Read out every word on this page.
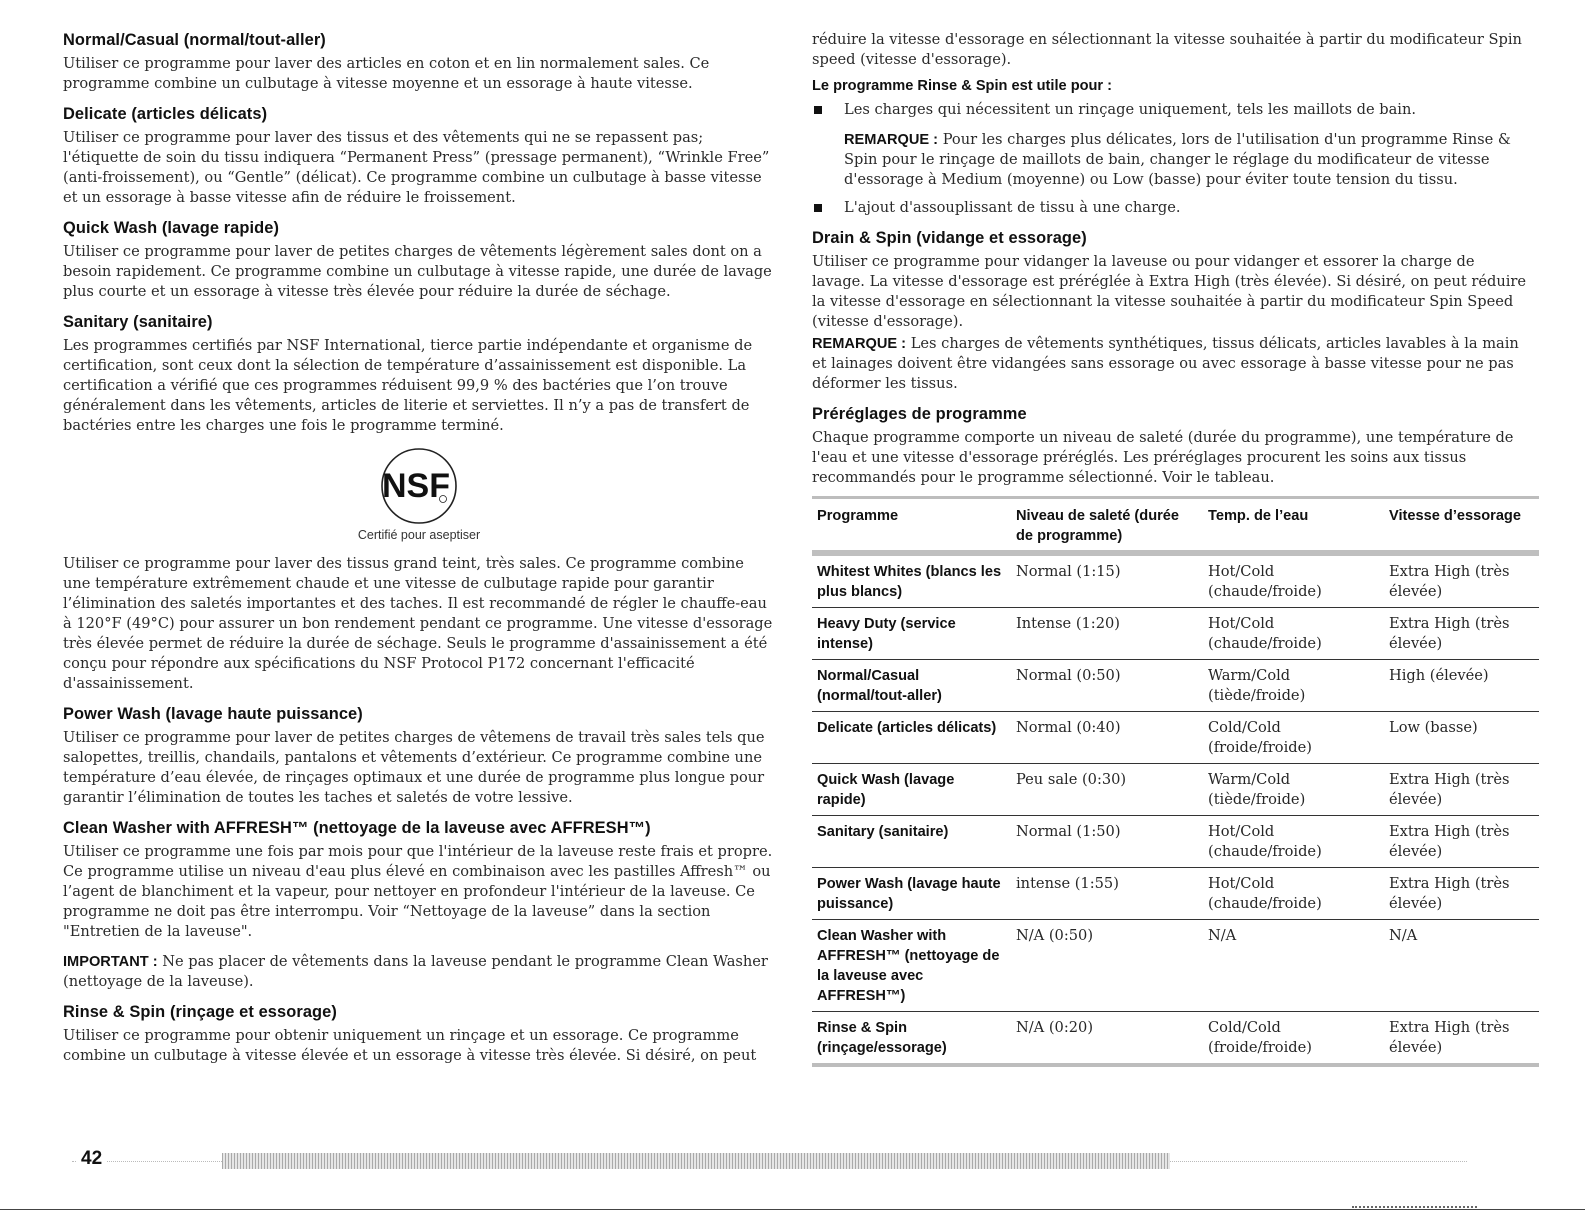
Normal/Casual (normal/tout-aller)

Utiliser ce programme pour laver des articles en coton et en lin normalement sales. Ce programme combine un culbutage à vitesse moyenne et un essorage à haute vitesse.

Delicate (articles délicats)

Utiliser ce programme pour laver des tissus et des vêtements qui ne se repassent pas; l'étiquette de soin du tissu indiquera “Permanent Press” (pressage permanent), “Wrinkle Free” (anti-froissement), ou “Gentle” (délicat). Ce programme combine un culbutage à basse vitesse et un essorage à basse vitesse afin de réduire le froissement.

Quick Wash (lavage rapide)

Utiliser ce programme pour laver de petites charges de vêtements légèrement sales dont on a besoin rapidement. Ce programme combine un culbutage à vitesse rapide, une durée de lavage plus courte et un essorage à vitesse très élevée pour réduire la durée de séchage.

Sanitary (sanitaire)

Les programmes certifiés par NSF International, tierce partie indépendante et organisme de certification, sont ceux dont la sélection de température d’assainissement est disponible. La certification a vérifié que ces programmes réduisent 99,9 % des bactéries que l’on trouve généralement dans les vêtements, articles de literie et serviettes. Il n’y a pas de transfert de bactéries entre les charges une fois le programme terminé.

NSF
Certifié pour aseptiser

Utiliser ce programme pour laver des tissus grand teint, très sales. Ce programme combine une température extrêmement chaude et une vitesse de culbutage rapide pour garantir l’élimination des saletés importantes et des taches. Il est recommandé de régler le chauffe-eau à 120°F (49°C) pour assurer un bon rendement pendant ce programme. Une vitesse d'essorage très élevée permet de réduire la durée de séchage. Seuls le programme d'assainissement a été conçu pour répondre aux spécifications du NSF Protocol P172 concernant l'efficacité d'assainissement.

Power Wash (lavage haute puissance)

Utiliser ce programme pour laver de petites charges de vêtemens de travail très sales tels que salopettes, treillis, chandails, pantalons et vêtements d’extérieur. Ce programme combine une température d’eau élevée, de rinçages optimaux et une durée de programme plus longue pour garantir l’élimination de toutes les taches et saletés de votre lessive.

Clean Washer with AFFRESH™ (nettoyage de la laveuse avec AFFRESH™)

Utiliser ce programme une fois par mois pour que l'intérieur de la laveuse reste frais et propre. Ce programme utilise un niveau d'eau plus élevé en combinaison avec les pastilles Affresh™ ou l’agent de blanchiment et la vapeur, pour nettoyer en profondeur l'intérieur de la laveuse. Ce programme ne doit pas être interrompu. Voir “Nettoyage de la laveuse” dans la section "Entretien de la laveuse".

IMPORTANT : Ne pas placer de vêtements dans la laveuse pendant le programme Clean Washer (nettoyage de la laveuse).

Rinse & Spin (rinçage et essorage)

Utiliser ce programme pour obtenir uniquement un rinçage et un essorage. Ce programme combine un culbutage à vitesse élevée et un essorage à vitesse très élevée. Si désiré, on peut

réduire la vitesse d'essorage en sélectionnant la vitesse souhaitée à partir du modificateur Spin speed (vitesse d'essorage).

Le programme Rinse & Spin est utile pour :
Les charges qui nécessitent un rinçage uniquement, tels les maillots de bain.
REMARQUE : Pour les charges plus délicates, lors de l'utilisation d'un programme Rinse & Spin pour le rinçage de maillots de bain, changer le réglage du modificateur de vitesse d'essorage à Medium (moyenne) ou Low (basse) pour éviter toute tension du tissu.
L'ajout d'assouplissant de tissu à une charge.
Drain & Spin (vidange et essorage)

Utiliser ce programme pour vidanger la laveuse ou pour vidanger et essorer la charge de lavage. La vitesse d'essorage est préréglée à Extra High (très élevée). Si désiré, on peut réduire la vitesse d'essorage en sélectionnant la vitesse souhaitée à partir du modificateur Spin Speed (vitesse d'essorage).

REMARQUE : Les charges de vêtements synthétiques, tissus délicats, articles lavables à la main et lainages doivent être vidangées sans essorage ou avec essorage à basse vitesse pour ne pas déformer les tissus.

Préréglages de programme

Chaque programme comporte un niveau de saleté (durée du programme), une température de l'eau et une vitesse d'essorage préréglés. Les préréglages procurent les soins aux tissus recommandés pour le programme sélectionné. Voir le tableau.

Programme	Niveau de saleté (durée de programme)	Temp. de l’eau	Vitesse d’essorage
Whitest Whites (blancs les plus blancs)	Normal (1:15)	Hot/Cold (chaude/froide)	Extra High (très élevée)
Heavy Duty (service intense)	Intense (1:20)	Hot/Cold (chaude/froide)	Extra High (très élevée)
Normal/Casual (normal/tout-aller)	Normal (0:50)	Warm/Cold (tiède/froide)	High (élevée)
Delicate (articles délicats)	Normal (0:40)	Cold/Cold (froide/froide)	Low (basse)
Quick Wash (lavage rapide)	Peu sale (0:30)	Warm/Cold (tiède/froide)	Extra High (très élevée)
Sanitary (sanitaire)	Normal (1:50)	Hot/Cold (chaude/froide)	Extra High (très élevée)
Power Wash (lavage haute puissance)	intense (1:55)	Hot/Cold (chaude/froide)	Extra High (très élevée)
Clean Washer with AFFRESH™ (nettoyage de la laveuse avec AFFRESH™)	N/A (0:50)	N/A	N/A
Rinse & Spin (rinçage/essorage)	N/A (0:20)	Cold/Cold (froide/froide)	Extra High (très élevée)
42
